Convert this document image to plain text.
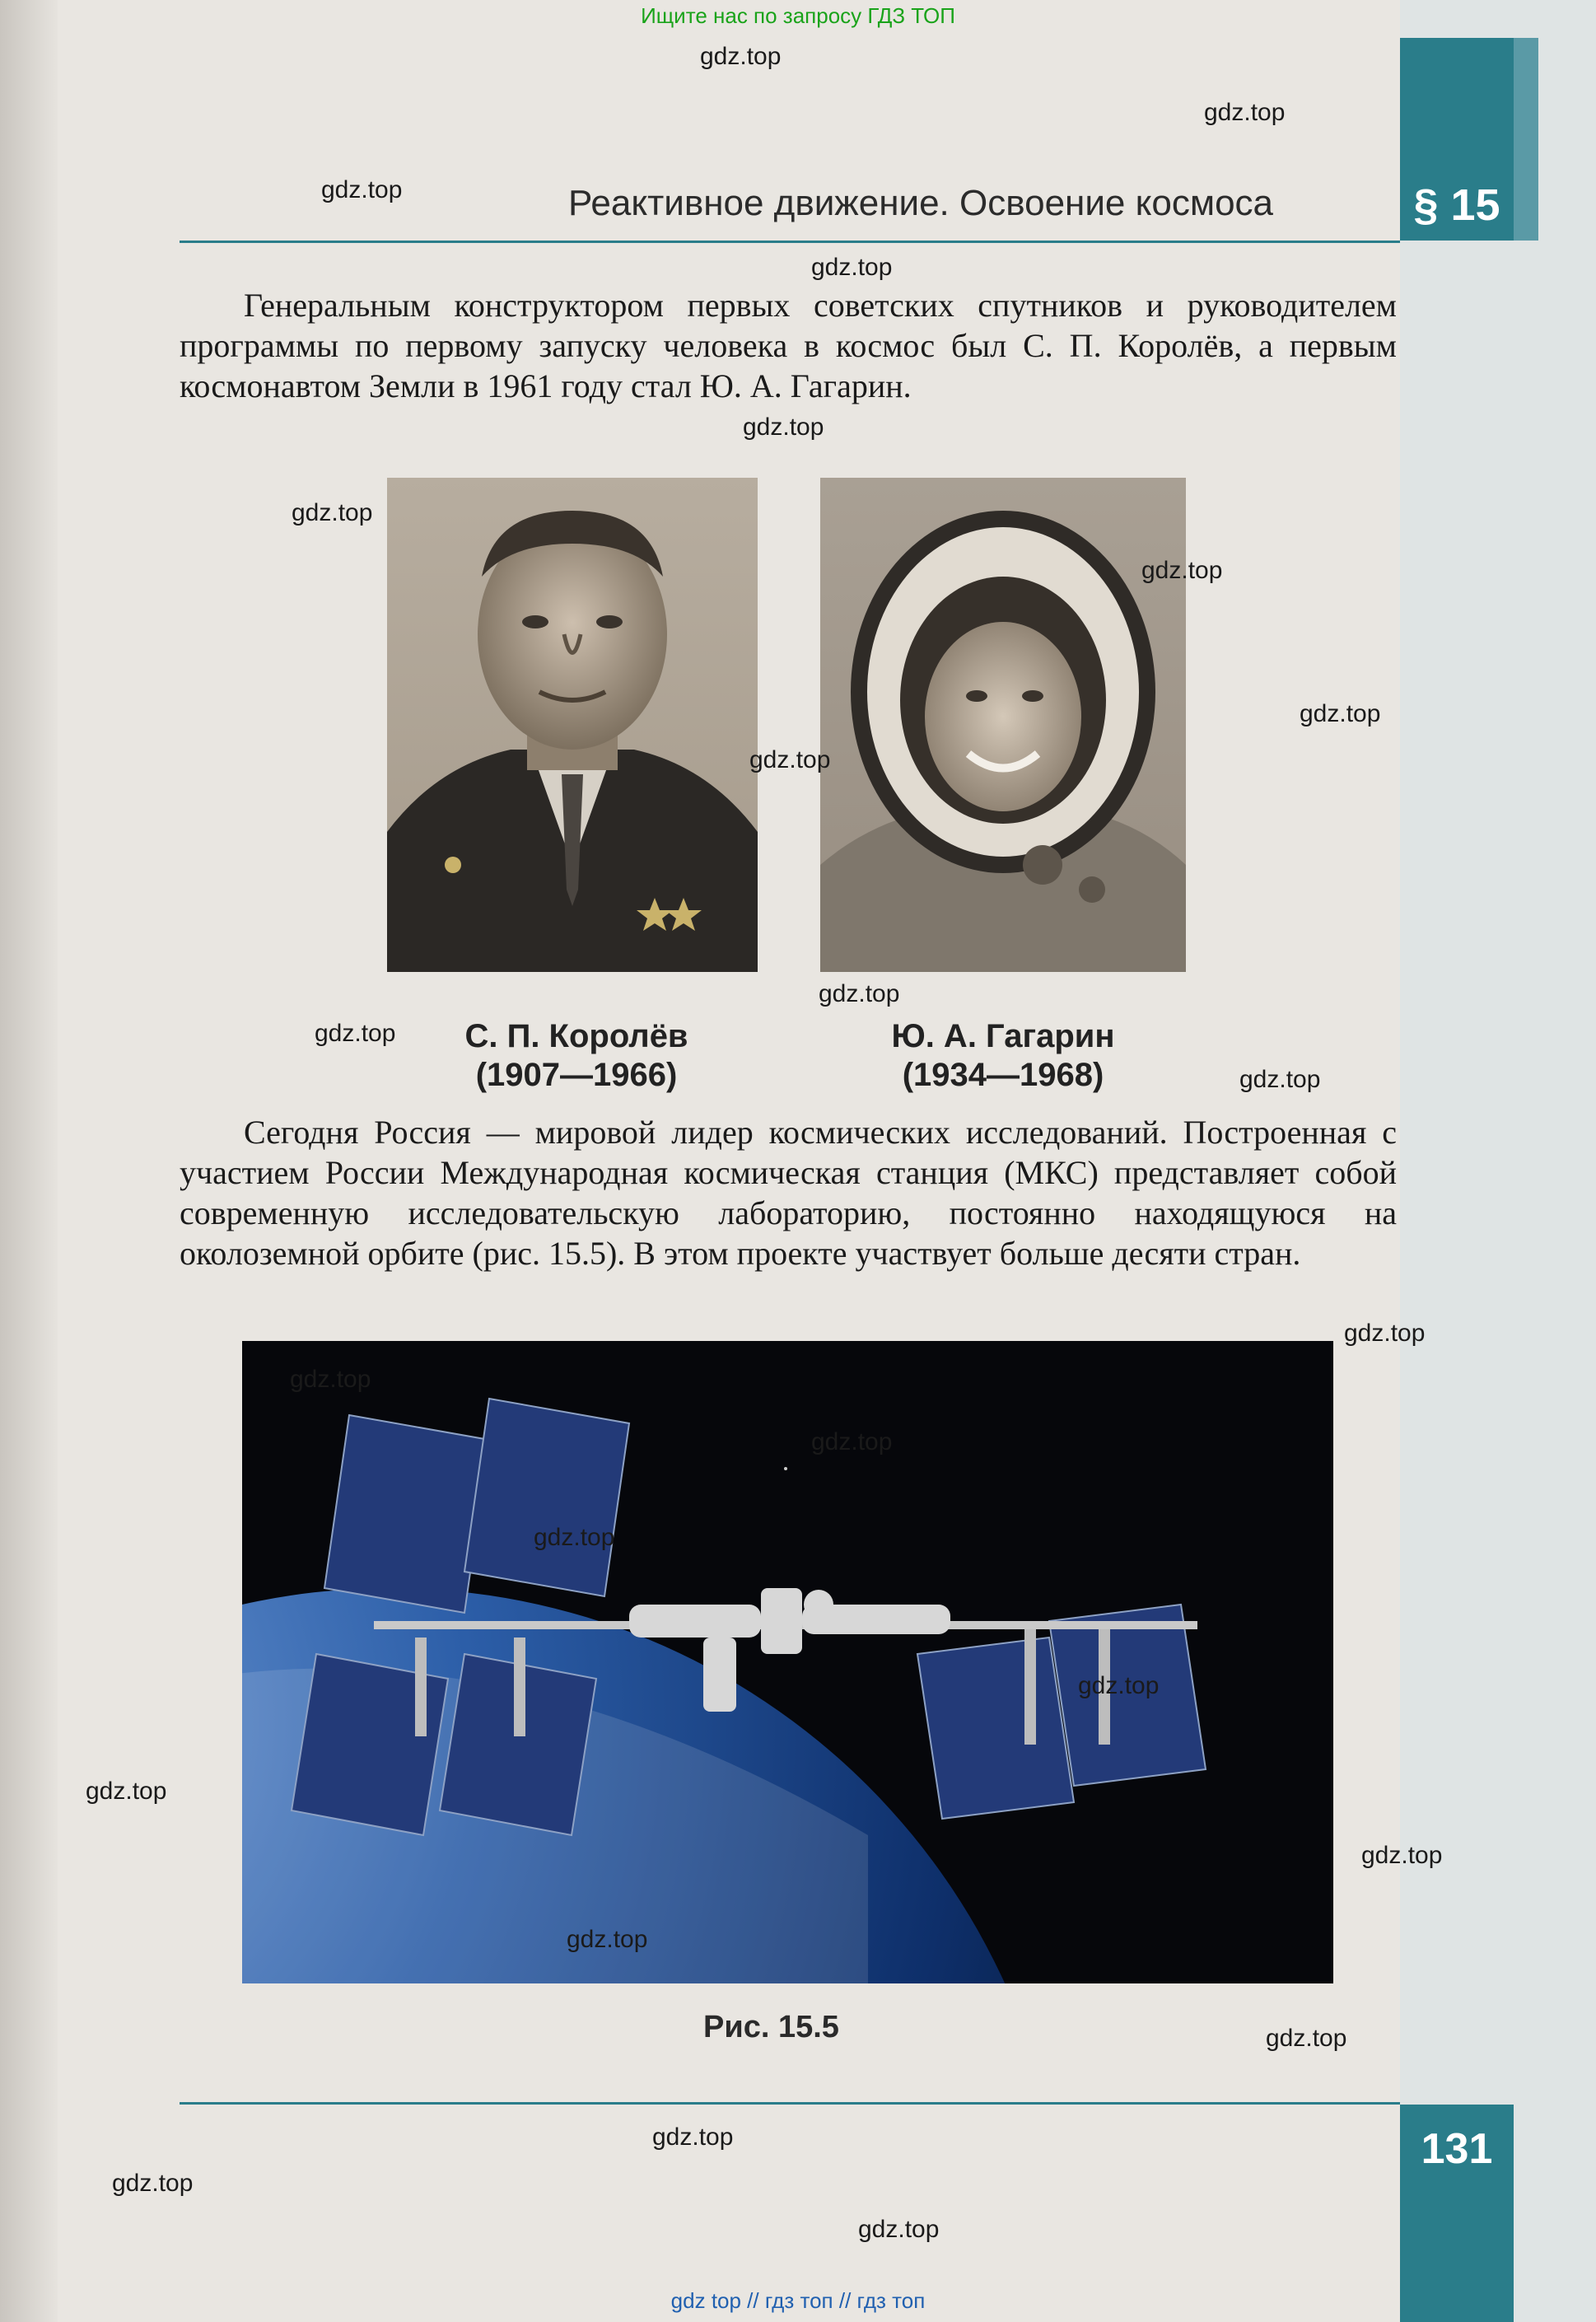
Ищите нас по запросу ГДЗ ТОП
§ 15
Реактивное движение. Освоение космоса
Генеральным конструктором первых советских спутников и руководителем программы по первому запуску человека в космос был С. П. Королёв, а первым космонавтом Земли в 1961 году стал Ю. А. Гагарин.
С. П. Королёв
(1907—1966)
Ю. А. Гагарин
(1934—1968)
Сегодня Россия — мировой лидер космических исследований. Построенная с участием России Международная космическая станция (МКС) представляет собой современную исследовательскую лабораторию, постоянно находящуюся на околоземной орбите (рис. 15.5). В этом проекте участвует больше десяти стран.
Рис. 15.5
131
gdz top // гдз топ // гдз топ
gdz.top
gdz.top
gdz.top
gdz.top
gdz.top
gdz.top
gdz.top
gdz.top
gdz.top
gdz.top
gdz.top
gdz.top
gdz.top
gdz.top
gdz.top
gdz.top
gdz.top
gdz.top
gdz.top
gdz.top
gdz.top
gdz.top
gdz.top
gdz.top
